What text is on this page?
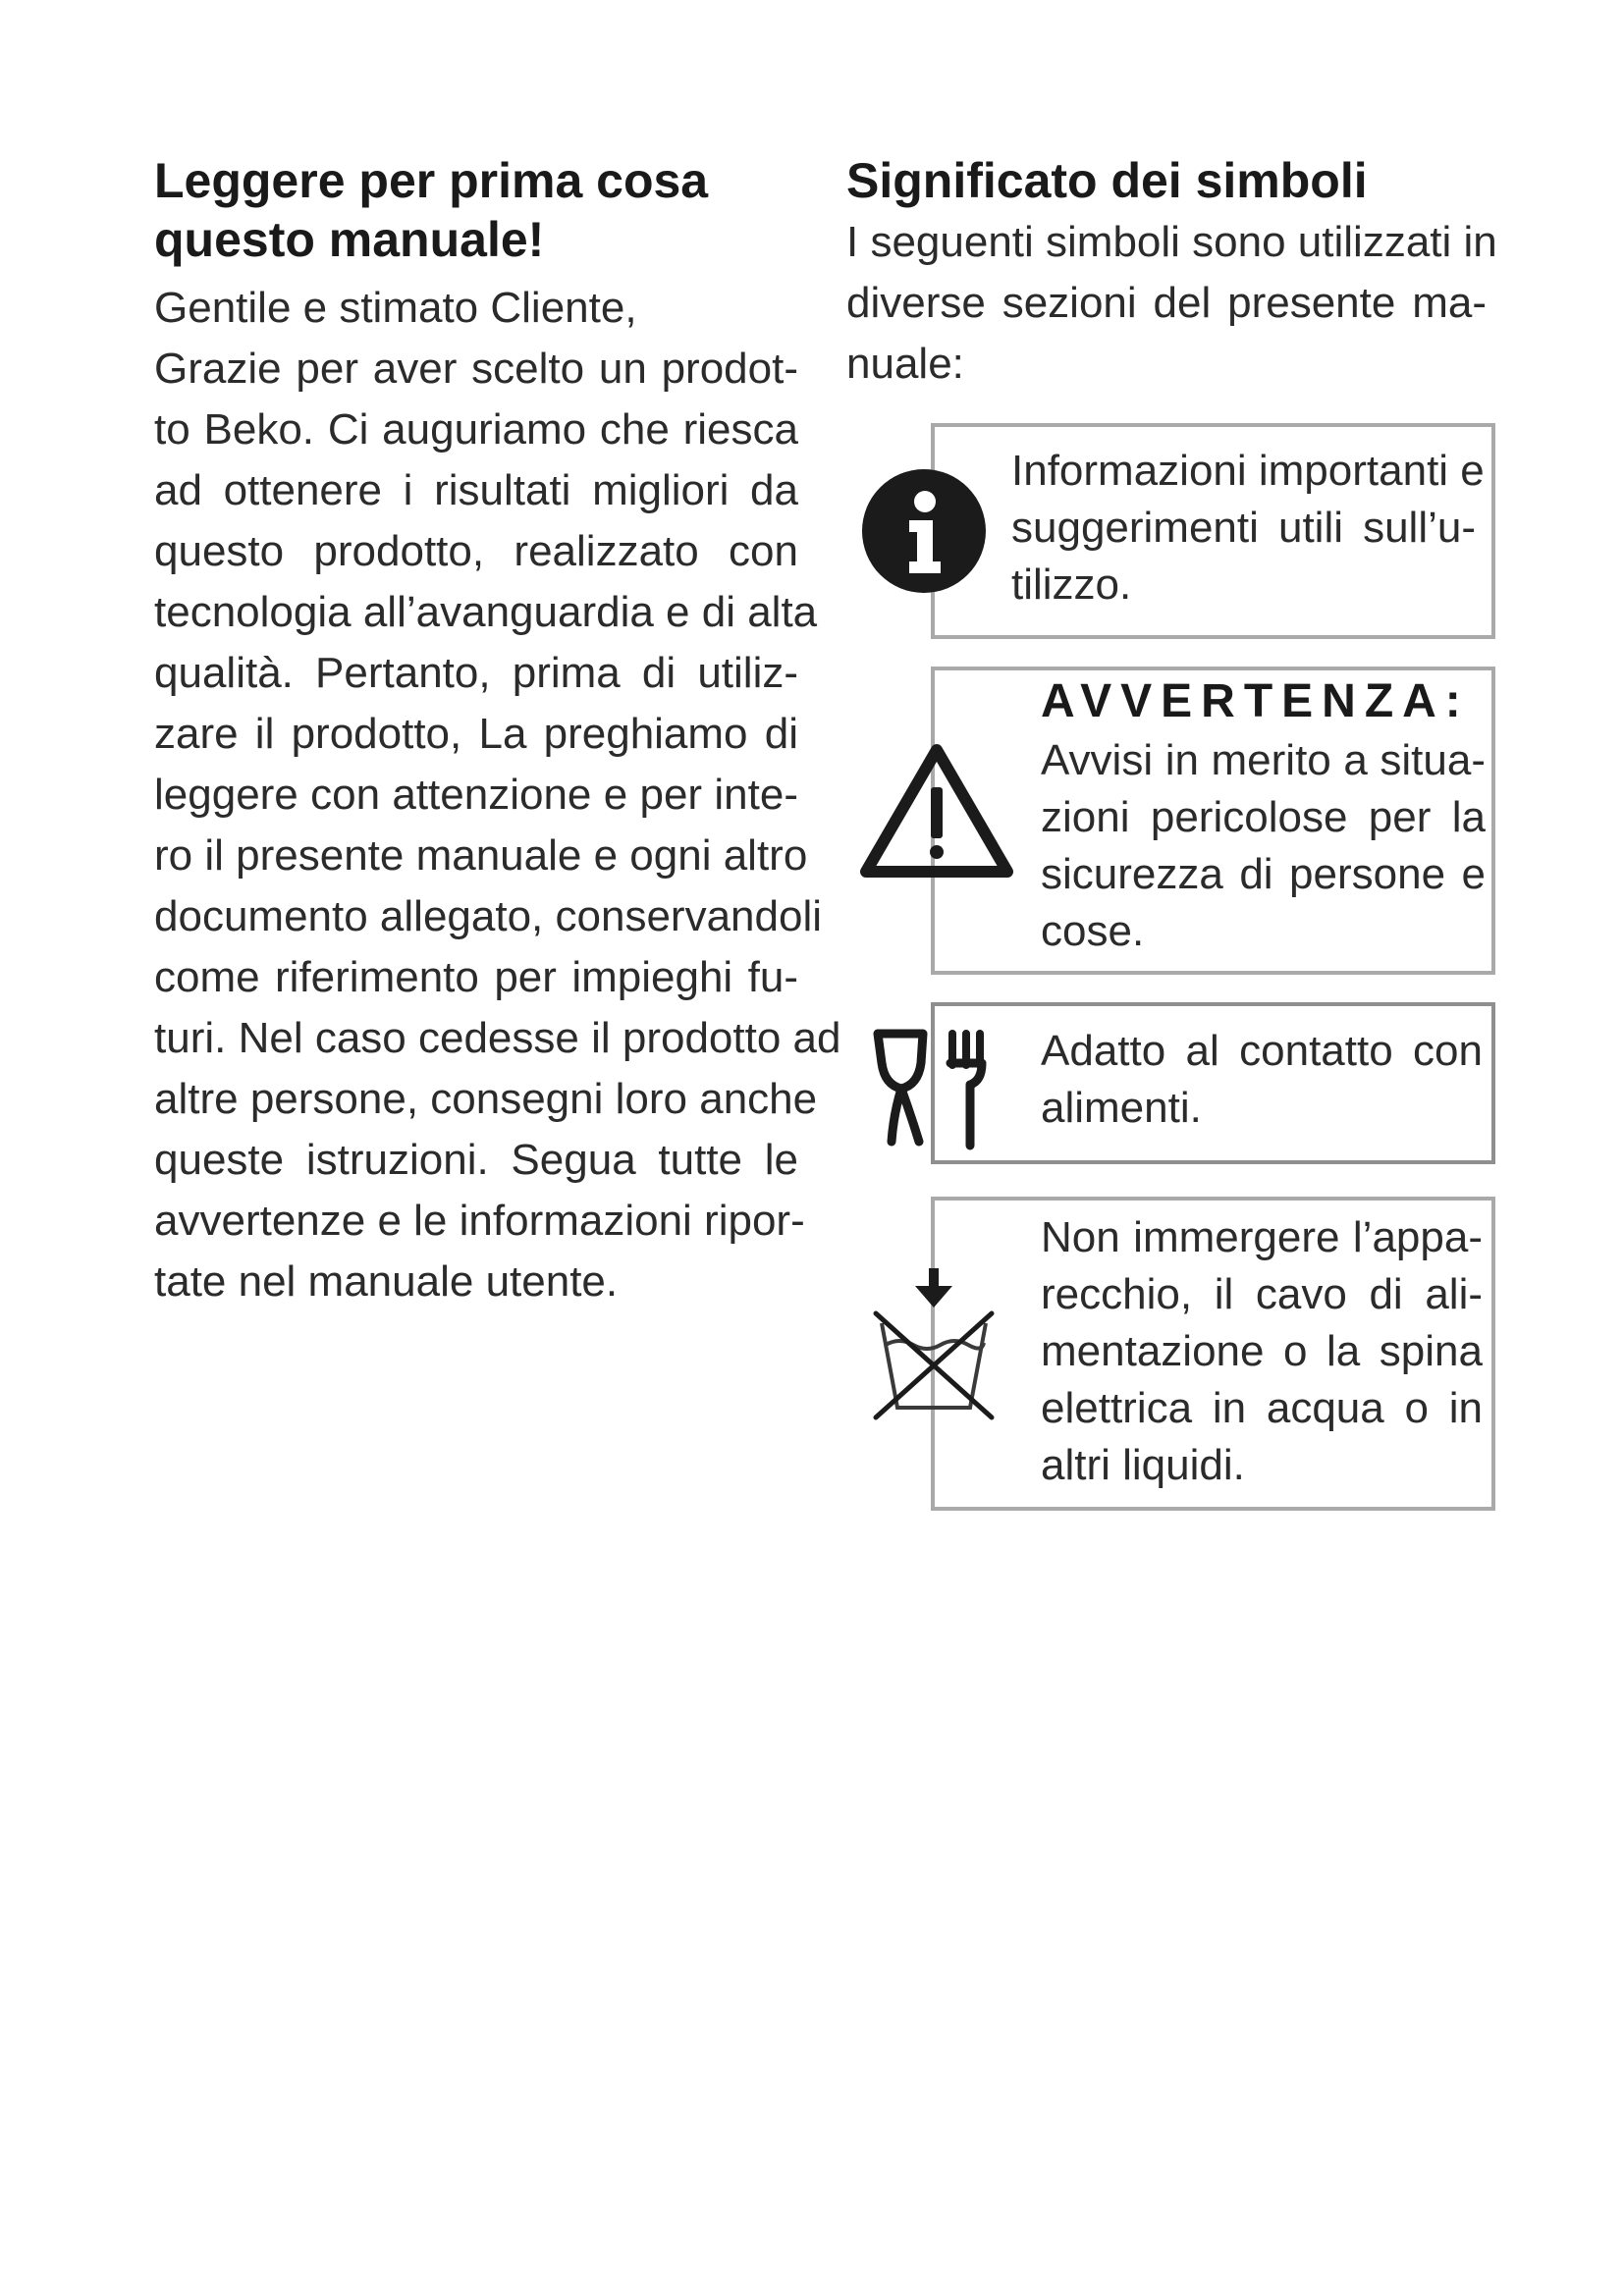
Leggere per prima cosa
questo manuale!
Gentile e stimato Cliente,
Grazie per aver scelto un prodot-
to Beko. Ci auguriamo che riesca
ad ottenere i risultati migliori da
questo prodotto, realizzato con
tecnologia all’avanguardia e di alta
qualità. Pertanto, prima di utiliz-
zare il prodotto, La preghiamo di
leggere con attenzione e per inte-
ro il presente manuale e ogni altro
documento allegato, conservandoli
come riferimento per impieghi fu-
turi. Nel caso cedesse il prodotto ad
altre persone, consegni loro anche
queste istruzioni. Segua tutte le
avvertenze e le informazioni ripor-
tate nel manuale utente.
Significato dei simboli
I seguenti simboli sono utilizzati in
diverse sezioni del presente ma-
nuale:
Informazioni importanti e
suggerimenti utili sull’u-
tilizzo.
AVVERTENZA:
Avvisi in merito a situa-
zioni pericolose per la
sicurezza di persone e
cose.
Adatto al contatto con
alimenti.
Non immergere l’appa-
recchio, il cavo di ali-
mentazione o la spina
elettrica in acqua o in
altri liquidi.
